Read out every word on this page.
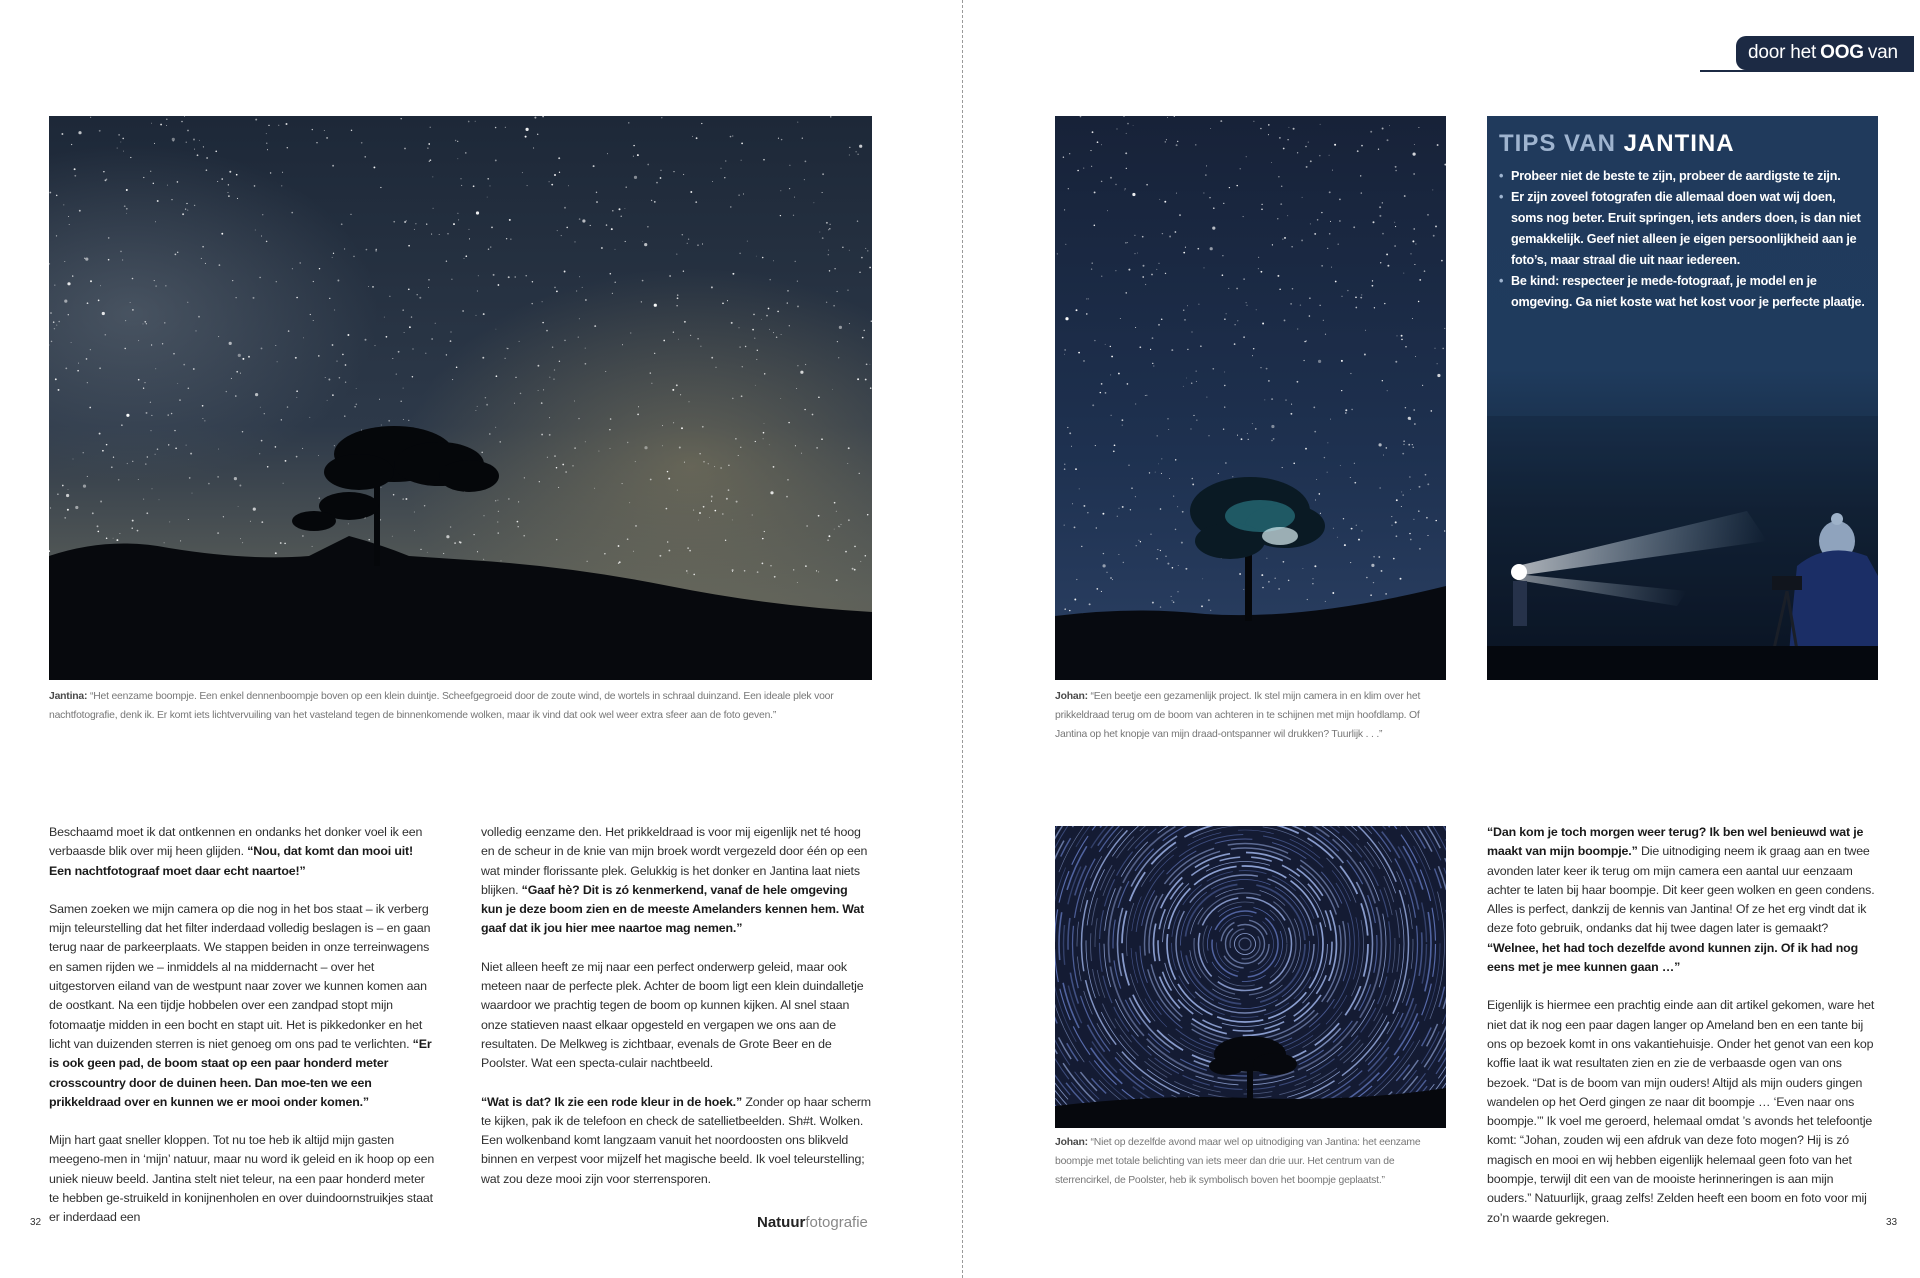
door het OOG van
Jantina: “Het eenzame boompje. Een enkel dennenboompje boven op een klein duintje. Scheefgegroeid door de zoute wind, de wortels in schraal duinzand. Een ideale plek voor nachtfotografie, denk ik. Er komt iets lichtvervuiling van het vasteland tegen de binnenkomende wolken, maar ik vind dat ook wel weer extra sfeer aan de foto geven.”
Johan: “Een beetje een gezamenlijk project. Ik stel mijn camera in en klim over het prikkeldraad terug om de boom van achteren in te schijnen met mijn hoofdlamp. Of Jantina op het knopje van mijn draad-ontspanner wil drukken? Tuurlijk . . .”
TIPS VAN JANTINA
• Probeer niet de beste te zijn, probeer de aardigste te zijn.
• Er zijn zoveel fotografen die allemaal doen wat wij doen, soms nog beter. Eruit springen, iets anders doen, is dan niet gemakkelijk. Geef niet alleen je eigen persoonlijkheid aan je foto’s, maar straal die uit naar iedereen.
• Be kind: respecteer je mede-fotograaf, je model en je omgeving. Ga niet koste wat het kost voor je perfecte plaatje.
Johan: “Niet op dezelfde avond maar wel op uitnodiging van Jantina: het eenzame boompje met totale belichting van iets meer dan drie uur. Het centrum van de sterrencirkel, de Poolster, heb ik symbolisch boven het boompje geplaatst.”

Beschaamd moet ik dat ontkennen en ondanks het donker voel ik een verbaasde blik over mij heen glijden. “Nou, dat komt dan mooi uit! Een nachtfotograaf moet daar echt naartoe!”

Samen zoeken we mijn camera op die nog in het bos staat – ik verberg mijn teleurstelling dat het filter inderdaad volledig beslagen is – en gaan terug naar de parkeerplaats. We stappen beiden in onze terreinwagens en samen rijden we – inmiddels al na middernacht – over het uitgestorven eiland van de westpunt naar zover we kunnen komen aan de oostkant. Na een tijdje hobbelen over een zandpad stopt mijn fotomaatje midden in een bocht en stapt uit. Het is pikkedonker en het licht van duizenden sterren is niet genoeg om ons pad te verlichten. “Er is ook geen pad, de boom staat op een paar honderd meter crosscountry door de duinen heen. Dan moe-ten we een prikkeldraad over en kunnen we er mooi onder komen.”

Mijn hart gaat sneller kloppen. Tot nu toe heb ik altijd mijn gasten meegeno-men in ‘mijn’ natuur, maar nu word ik geleid en ik hoop op een uniek nieuw beeld. Jantina stelt niet teleur, na een paar honderd meter te hebben ge-struikeld in konijnenholen en over duindoornstruikjes staat er inderdaad een

volledig eenzame den. Het prikkeldraad is voor mij eigenlijk net té hoog en de scheur in de knie van mijn broek wordt vergezeld door één op een wat minder florissante plek. Gelukkig is het donker en Jantina laat niets blijken. “Gaaf hè? Dit is zó kenmerkend, vanaf de hele omgeving kun je deze boom zien en de meeste Amelanders kennen hem. Wat gaaf dat ik jou hier mee naartoe mag nemen.”

Niet alleen heeft ze mij naar een perfect onderwerp geleid, maar ook meteen naar de perfecte plek. Achter de boom ligt een klein duindalletje waardoor we prachtig tegen de boom op kunnen kijken. Al snel staan onze statieven naast elkaar opgesteld en vergapen we ons aan de resultaten. De Melkweg is zichtbaar, evenals de Grote Beer en de Poolster. Wat een specta-culair nachtbeeld.

“Wat is dat? Ik zie een rode kleur in de hoek.” Zonder op haar scherm te kijken, pak ik de telefoon en check de satellietbeelden. Sh#t. Wolken. Een wolkenband komt langzaam vanuit het noordoosten ons blikveld binnen en verpest voor mijzelf het magische beeld. Ik voel teleurstelling; wat zou deze mooi zijn voor sterrensporen.

“Dan kom je toch morgen weer terug? Ik ben wel benieuwd wat je maakt van mijn boompje.” Die uitnodiging neem ik graag aan en twee avonden later keer ik terug om mijn camera een aantal uur eenzaam achter te laten bij haar boompje. Dit keer geen wolken en geen condens. Alles is perfect, dankzij de kennis van Jantina! Of ze het erg vindt dat ik deze foto gebruik, ondanks dat hij twee dagen later is gemaakt? “Welnee, het had toch dezelfde avond kunnen zijn. Of ik had nog eens met je mee kunnen gaan …”

Eigenlijk is hiermee een prachtig einde aan dit artikel gekomen, ware het niet dat ik nog een paar dagen langer op Ameland ben en een tante bij ons op bezoek komt in ons vakantiehuisje. Onder het genot van een kop koffie laat ik wat resultaten zien en zie de verbaasde ogen van ons bezoek. “Dat is de boom van mijn ouders! Altijd als mijn ouders gingen wandelen op het Oerd gingen ze naar dit boompje … ‘Even naar ons boompje.’” Ik voel me geroerd, helemaal omdat ’s avonds het telefoontje komt: “Johan, zouden wij een afdruk van deze foto mogen? Hij is zó magisch en mooi en wij hebben eigenlijk helemaal geen foto van het boompje, terwijl dit een van de mooiste herinneringen is aan mijn ouders.” Natuurlijk, graag zelfs! Zelden heeft een boom en foto voor mij zo’n waarde gekregen.

32	Natuurfotografie	33
